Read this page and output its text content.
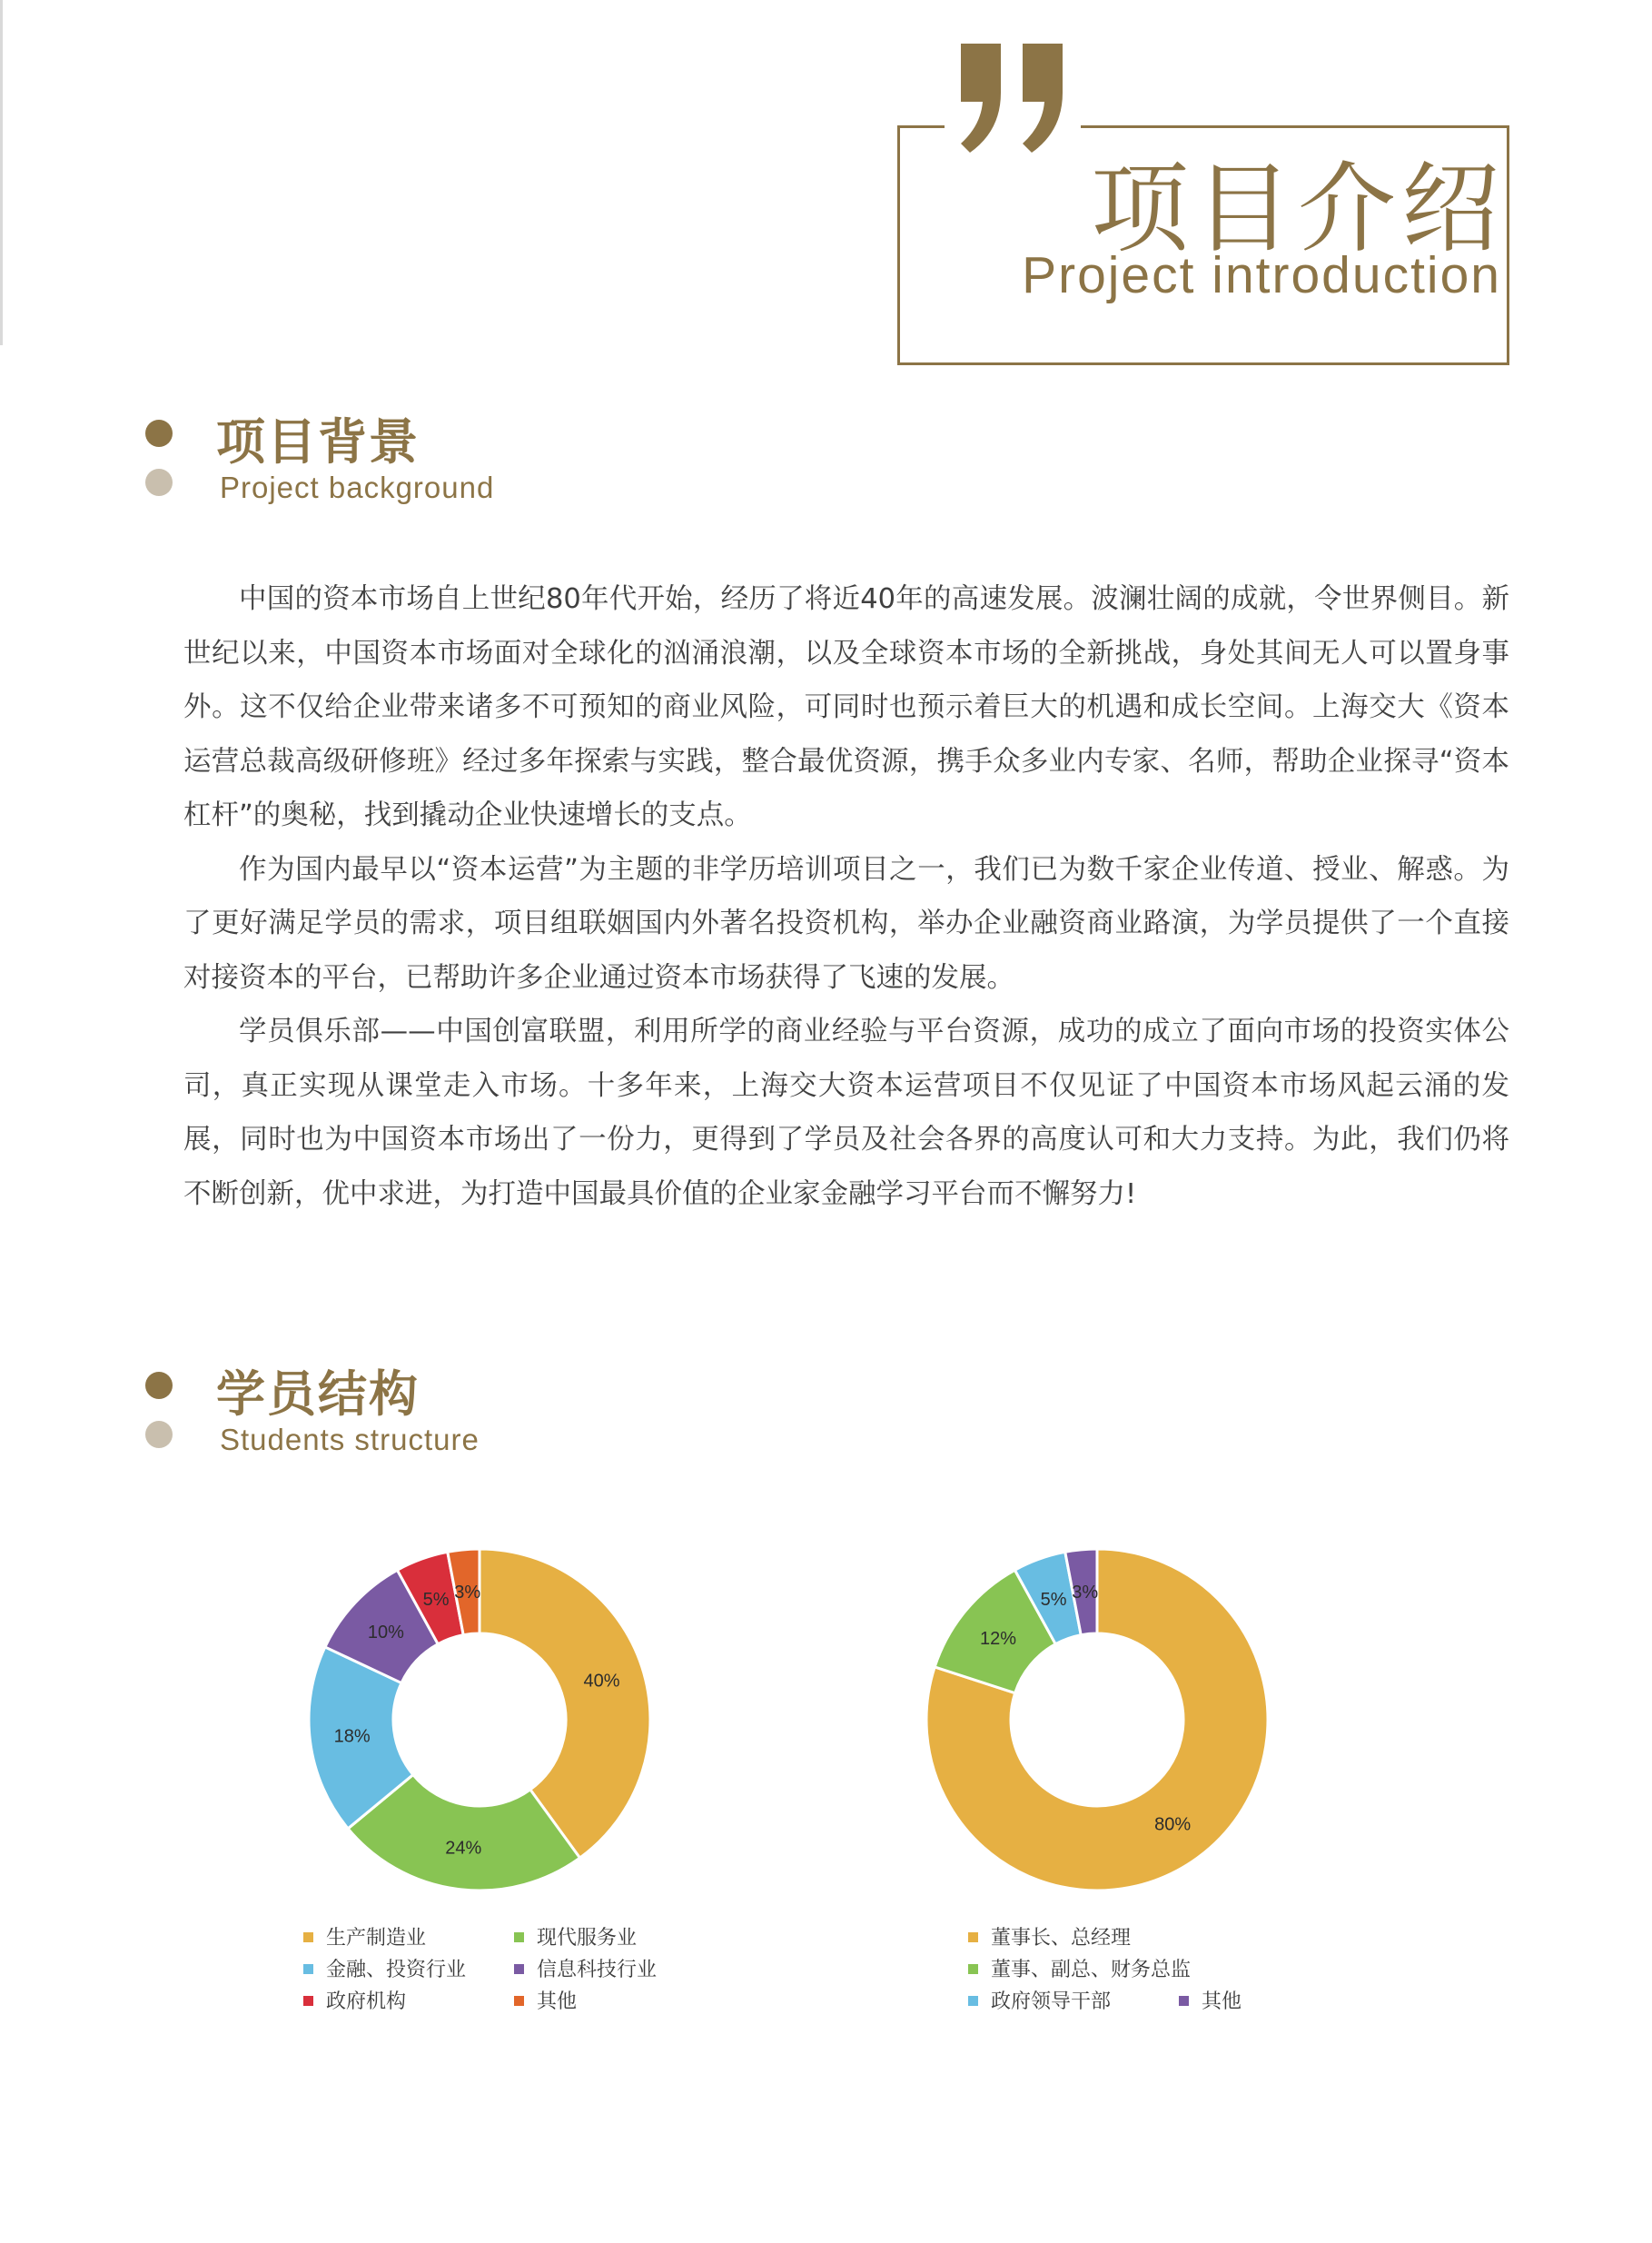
项目介绍
Project introduction
项目背景
Project background

中国的资本市场自上世纪80年代开始，经历了将近40年的高速发展。波澜壮阔的成就，令世界侧目。新世纪以来，中国资本市场面对全球化的汹涌浪潮，以及全球资本市场的全新挑战，身处其间无人可以置身事外。这不仅给企业带来诸多不可预知的商业风险，可同时也预示着巨大的机遇和成长空间。上海交大《资本运营总裁高级研修班》经过多年探索与实践，整合最优资源，携手众多业内专家、名师，帮助企业探寻“资本杠杆”的奥秘，找到撬动企业快速增长的支点。

作为国内最早以“资本运营”为主题的非学历培训项目之一，我们已为数千家企业传道、授业、解惑。为了更好满足学员的需求，项目组联姻国内外著名投资机构，举办企业融资商业路演，为学员提供了一个直接对接资本的平台，已帮助许多企业通过资本市场获得了飞速的发展。

学员俱乐部——中国创富联盟，利用所学的商业经验与平台资源，成功的成立了面向市场的投资实体公司，真正实现从课堂走入市场。十多年来，上海交大资本运营项目不仅见证了中国资本市场风起云涌的发展，同时也为中国资本市场出了一份力，更得到了学员及社会各界的高度认可和大力支持。为此，我们仍将不断创新，优中求进，为打造中国最具价值的企业家金融学习平台而不懈努力!

学员结构
Students structure
40%
24%
18%
10%
5% 3%
80%
12%
5% 3%
生产制造业	现代服务业
金融、投资行业	信息科技行业
政府机构	其他
董事长、总经理
董事、副总、财务总监
政府领导干部	其他
